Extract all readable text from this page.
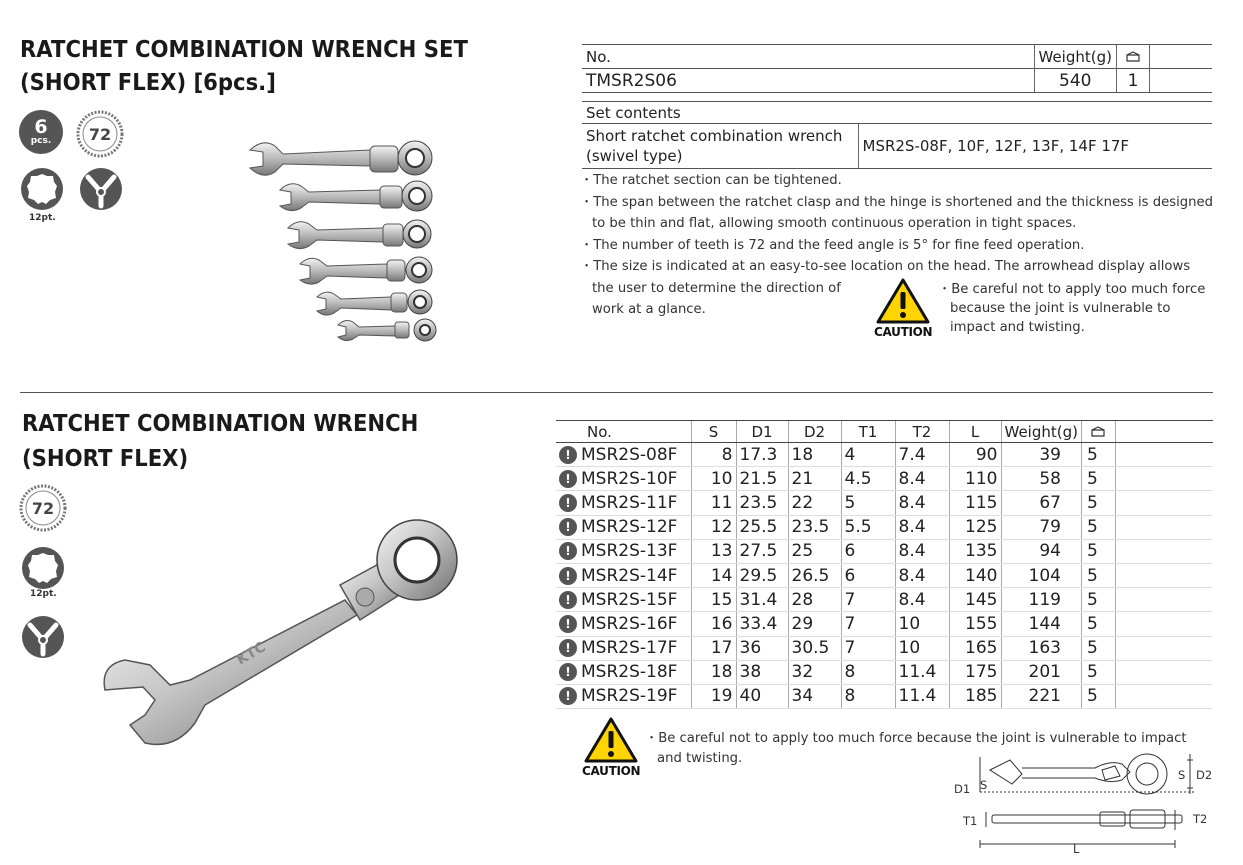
RATCHET COMBINATION WRENCH SET
(SHORT FLEX) [6pcs.]
6
pcs. 72
12pt.
No.	Weight(g)		
TMSR2S06	540	1	
Set contents

Short ratchet combination wrench
(swivel type)
	MSR2S-08F, 10F, 12F, 13F, 14F 17F
・The ratchet section can be tightened.
・The span between the ratchet clasp and the hinge is shortened and the thickness is designed
to be thin and flat, allowing smooth continuous operation in tight spaces.
・The number of teeth is 72 and the feed angle is 5° for fine feed operation.
・The size is indicated at an easy-to-see location on the head. The arrowhead display allows
the user to determine the direction of
work at a glance.
CAUTION
・Be careful not to apply too much force
because the joint is vulnerable to
impact and twisting.
RATCHET COMBINATION WRENCH
(SHORT FLEX)
72
12pt.
KTC
No.	S	D1	D2	T1	T2	L	Weight(g)		
! MSR2S-08F	8	17.3	18	4	7.4	90	39	5	
! MSR2S-10F	10	21.5	21	4.5	8.4	110	58	5	
! MSR2S-11F	11	23.5	22	5	8.4	115	67	5	
! MSR2S-12F	12	25.5	23.5	5.5	8.4	125	79	5	
! MSR2S-13F	13	27.5	25	6	8.4	135	94	5	
! MSR2S-14F	14	29.5	26.5	6	8.4	140	104	5	
! MSR2S-15F	15	31.4	28	7	8.4	145	119	5	
! MSR2S-16F	16	33.4	29	7	10	155	144	5	
! MSR2S-17F	17	36	30.5	7	10	165	163	5	
! MSR2S-18F	18	38	32	8	11.4	175	201	5	
! MSR2S-19F	19	40	34	8	11.4	185	221	5	
CAUTION
・Be careful not to apply too much force because the joint is vulnerable to impact
and twisting.
D1 S
S D2
T1	T2
L
